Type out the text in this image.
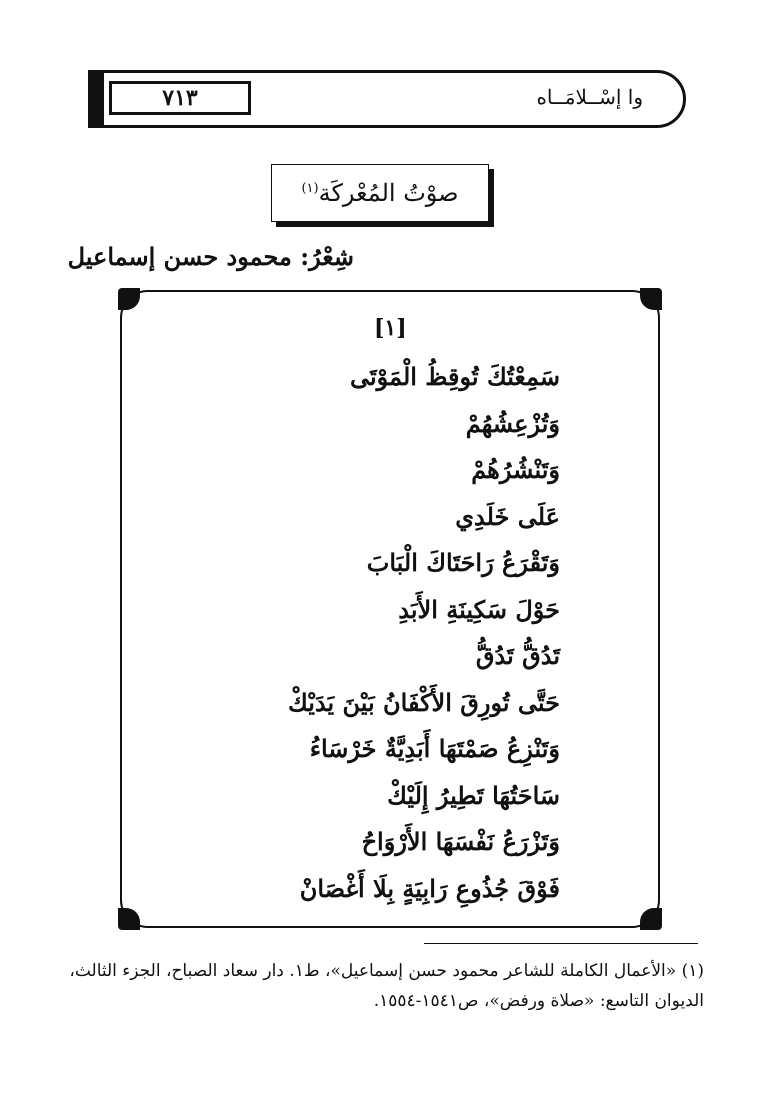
٧١٣	وا إسْــلامَــاه
صوْتُ المُعْركَة$^{(١)}$
شِعْرُ: محمود حسن إسماعيل
[١]
سَمِعْتُكَ تُوقِظُ الْمَوْتَى
وَتُزْعِشُهُمْ
وَتَنْشُرُهُمْ
عَلَى خَلَدِي
وَتَقْرَعُ رَاحَتَاكَ الْبَابَ
حَوْلَ سَكِينَةِ الأَبَدِ
تَدُقُّ تَدُقُّ
حَتَّى تُورِقَ الأَكْفَانُ بَيْنَ يَدَيْكْ
وَتَنْزِعُ صَمْتَهَا أَبَدِيَّةٌ خَرْسَاءُ
سَاحَتُهَا تَطِيرُ إِلَيْكْ
وَتَزْرَعُ نَفْسَهَا الأَرْوَاحُ
فَوْقَ جُذُوعِ رَابِيَةٍ بِلَا أَغْصَانْ
(١) «الأعمال الكاملة للشاعر محمود حسن إسماعيل»، ط١. دار سعاد الصباح، الجزء الثالث،
الديوان التاسع: «صلاة ورفض»، ص١٥٤١-١٥٥٤.
